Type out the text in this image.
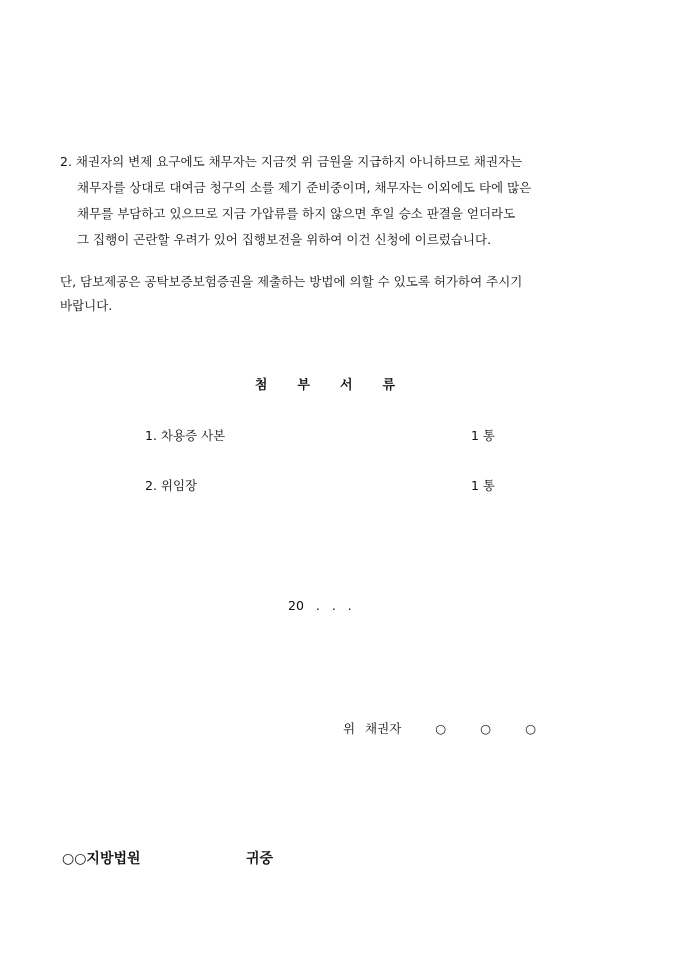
2. 채권자의 변제 요구에도 채무자는 지금껏 위 금원을 지급하지 아니하므로 채권자는
채무자를 상대로 대여금 청구의 소를 제기 준비중이며, 채무자는 이외에도 타에 많은
채무를 부담하고 있으므로 지금 가압류를 하지 않으면 후일 승소 판결을 얻더라도
그 집행이 곤란할 우려가 있어 집행보전을 위하여 이건 신청에 이르렀습니다.
단, 담보제공은 공탁보증보험증권을 제출하는 방법에 의할 수 있도록 허가하여 주시기
바랍니다.
첨부서류
1. 차용증 사본	1 통
2. 위임장	1 통
20 . . .
위 채권자	○	○	○
○○지방법원	귀중
